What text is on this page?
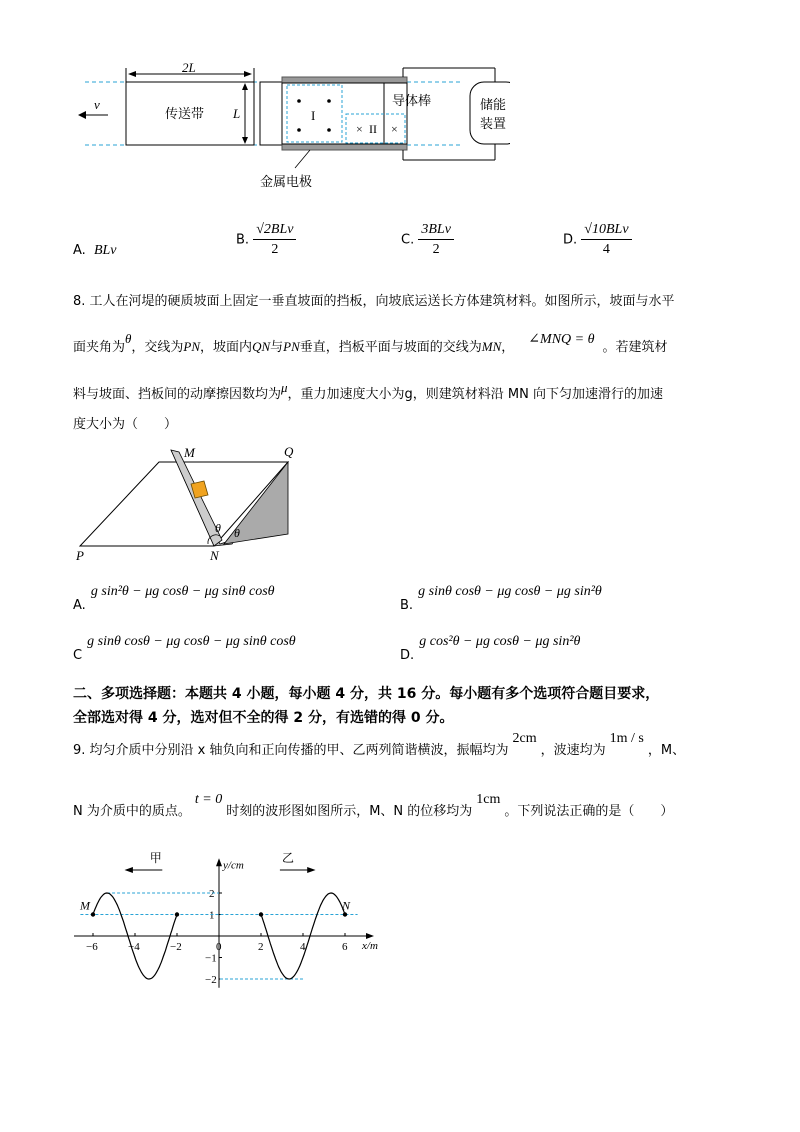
v
2L
传送带 L	I
× II ×
导体棒	储能
装置
金属电极
A. BLv
B. $\frac{\text{√2BLv}}{2}$	C. $\frac{\text{3BLv}}{2}$	D. $\frac{\text{√10BLv}}{4}$
8. 工人在河堤的硬质坡面上固定一垂直坡面的挡板，向坡底运送长方体建筑材料。如图所示，坡面与水平
面夹角为θ，交线为PN，坡面内QN与PN垂直，挡板平面与坡面的交线为MN，∠MNQ = θ。若建筑材
料与坡面、挡板间的动摩擦因数均为μ，重力加速度大小为g，则建筑材料沿 MN 向下匀加速滑行的加速
度大小为（　　）
M	Q
P	N
θ θ
$_{A.}$ g sin²θ − μg cosθ − μg sinθ cosθ
$_{B.}$ g sinθ cosθ − μg cosθ − μg sin²θ
$_C$ g sinθ cosθ − μg cosθ − μg sinθ cosθ
$_{D.}$ g cos²θ − μg cosθ − μg sin²θ
二、多项选择题：本题共 4 小题，每小题 4 分，共 16 分。每小题有多个选项符合题目要求，
全部选对得 4 分，选对但不全的得 2 分，有选错的得 0 分。
9. 均匀介质中分别沿 x 轴负向和正向传播的甲、乙两列简谐横波，振幅均为2cm，波速均为1m / s，M、
N 为介质中的质点。t = 0时刻的波形图如图所示，M、N 的位移均为1cm。下列说法正确的是（　　）
x/m
y/cm
−6	−4	−2	0	2	4	6
2
1
−1
−2
M	N
甲	乙
